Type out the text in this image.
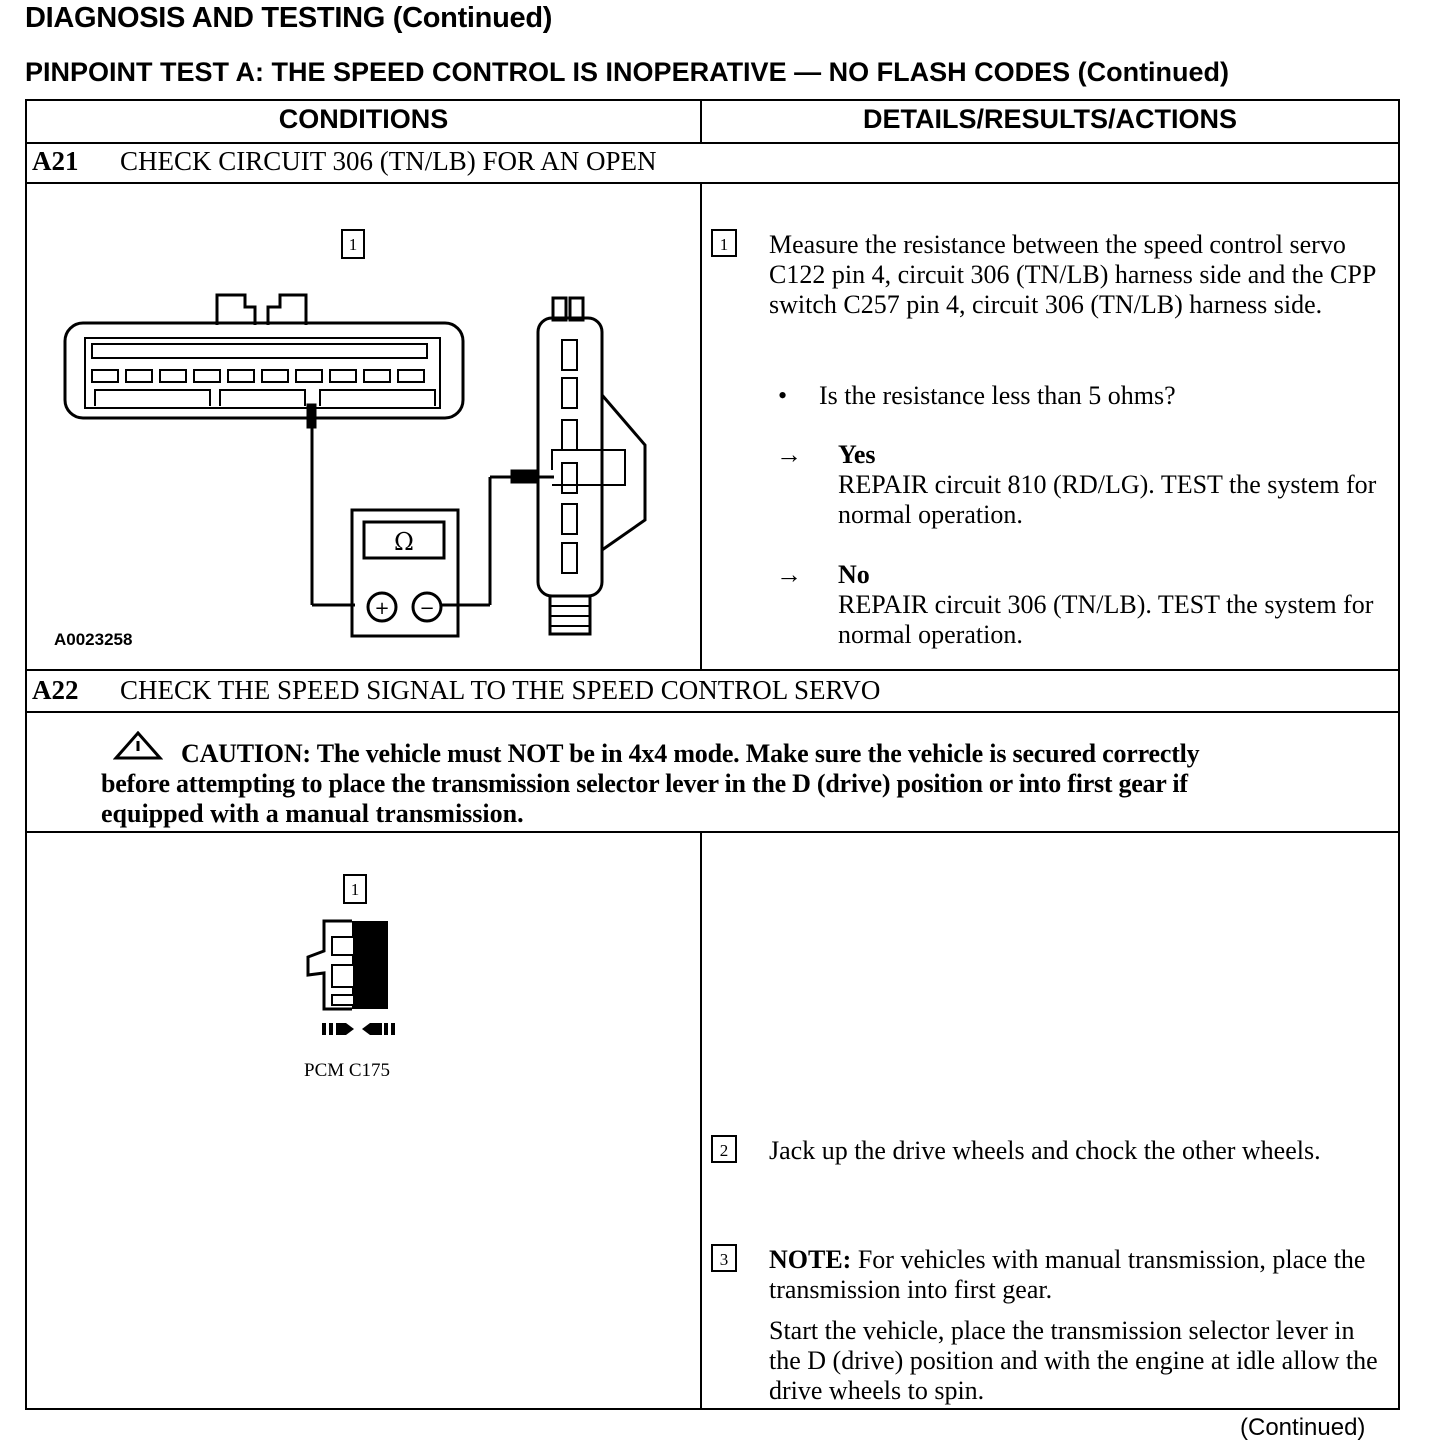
DIAGNOSIS AND TESTING (Continued)
PINPOINT TEST A: THE SPEED CONTROL IS INOPERATIVE — NO FLASH CODES (Continued)
CONDITIONS	DETAILS/RESULTS/ACTIONS
A21 CHECK CIRCUIT 306 (TN/LB) FOR AN OPEN
1
Ω
+ −
A0023258
1	Measure the resistance between the speed control servo C122 pin 4, circuit 306 (TN/LB) harness side and the CPP switch C257 pin 4, circuit 306 (TN/LB) harness side.
• Is the resistance less than 5 ohms?
→ Yes
REPAIR circuit 810 (RD/LG). TEST the system for normal operation.
→ No
REPAIR circuit 306 (TN/LB). TEST the system for normal operation.
A22 CHECK THE SPEED SIGNAL TO THE SPEED CONTROL SERVO
CAUTION: The vehicle must NOT be in 4x4 mode. Make sure the vehicle is secured correctly
before attempting to place the transmission selector lever in the D (drive) position or into first gear if
equipped with a manual transmission.
1
PCM C175
2	Jack up the drive wheels and chock the other wheels.
3	NOTE: For vehicles with manual transmission, place the transmission into first gear.
Start the vehicle, place the transmission selector lever in the D (drive) position and with the engine at idle allow the drive wheels to spin.
(Continued)
